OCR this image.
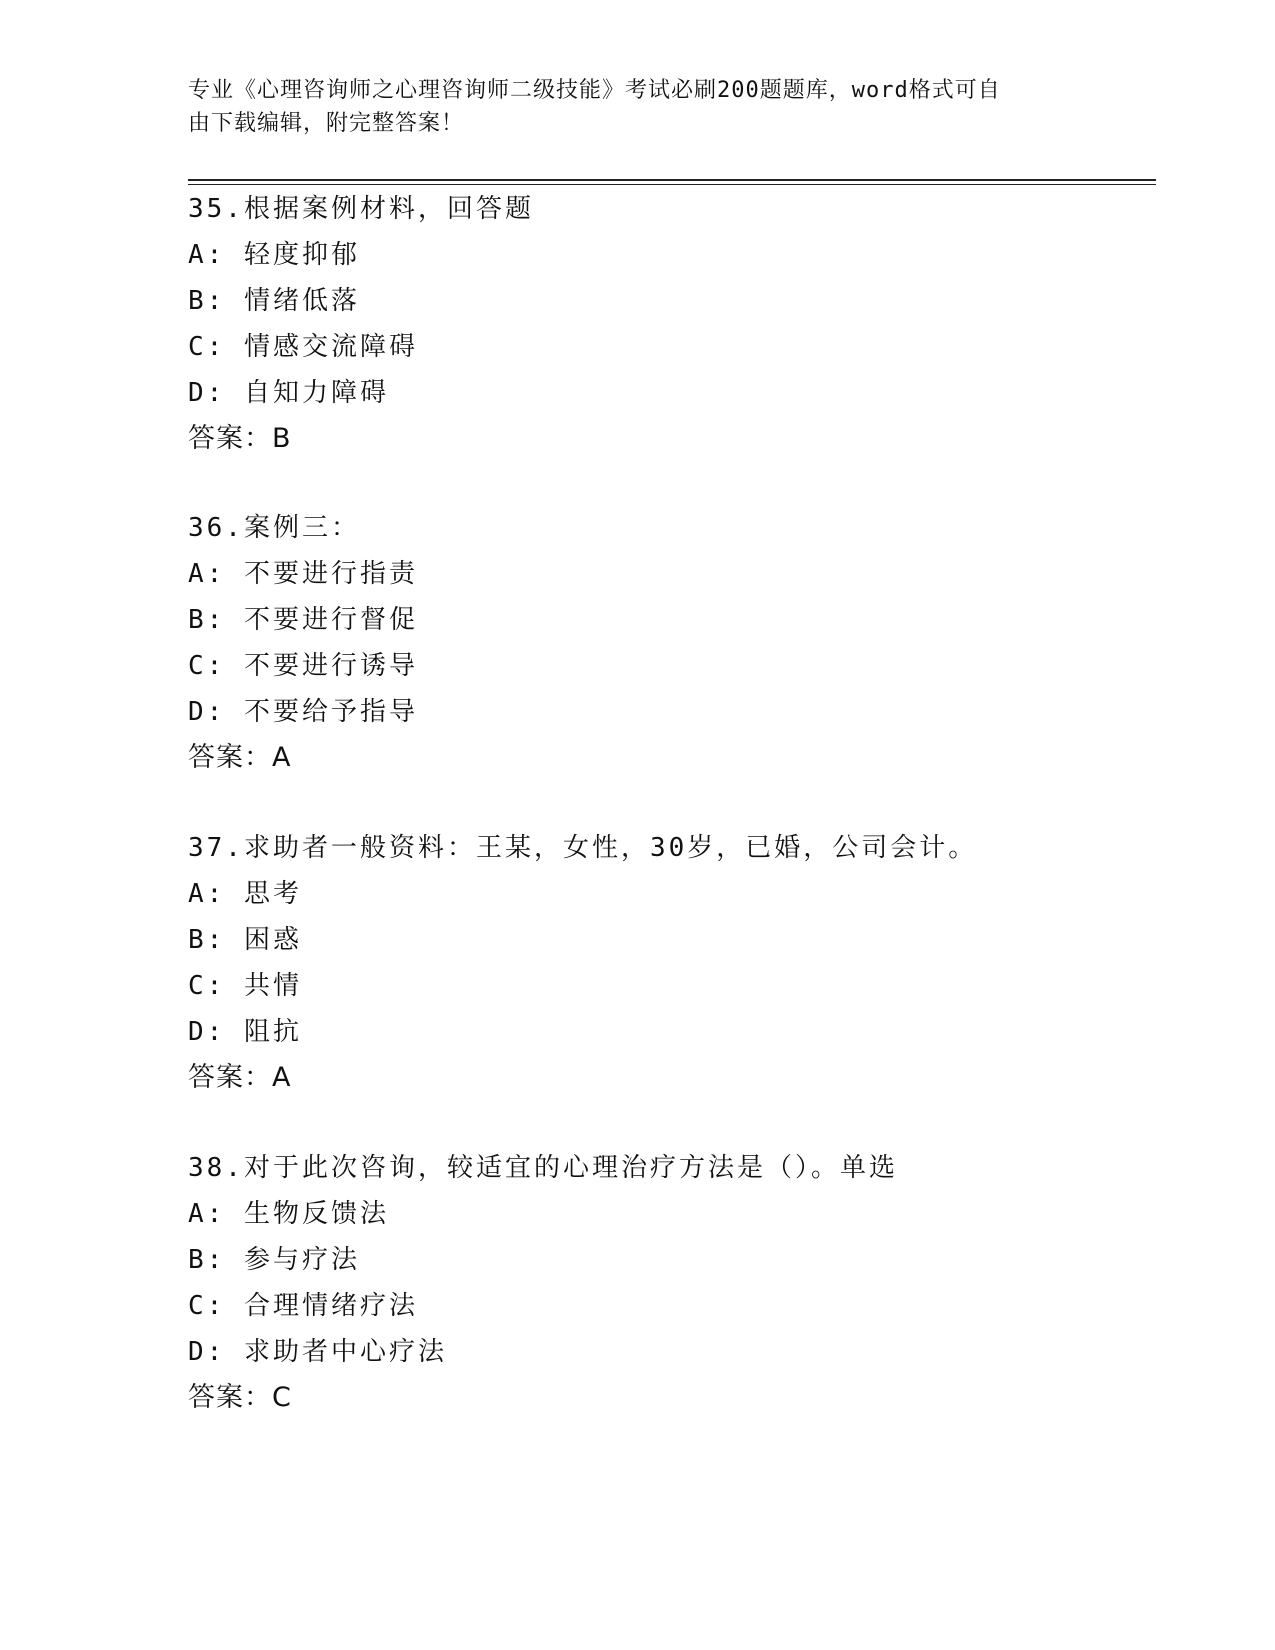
专业《心理咨询师之心理咨询师二级技能》考试必刷200题题库，word格式可自
由下载编辑，附完整答案！
35.根据案例材料，回答题
A: 轻度抑郁
B: 情绪低落
C: 情感交流障碍
D: 自知力障碍
答案：B
36.案例三：
A: 不要进行指责
B: 不要进行督促
C: 不要进行诱导
D: 不要给予指导
答案：A
37.求助者一般资料：王某，女性，30岁，已婚，公司会计。
A: 思考
B: 困惑
C: 共情
D: 阻抗
答案：A
38.对于此次咨询，较适宜的心理治疗方法是（）。单选
A: 生物反馈法
B: 参与疗法
C: 合理情绪疗法
D: 求助者中心疗法
答案：C
